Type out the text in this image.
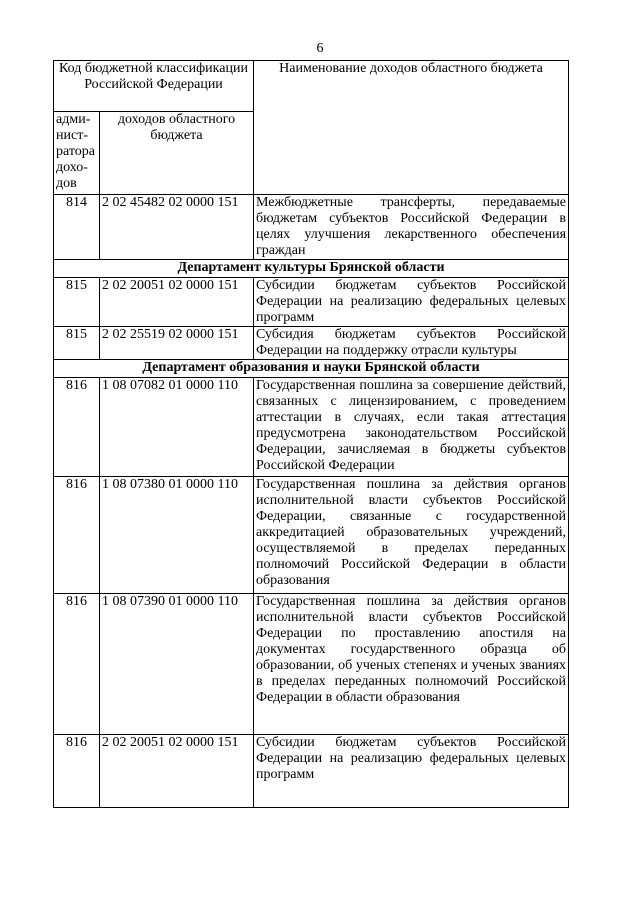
6
Код бюджетной классификации Российской Федерации		Наименование доходов областного бюджета
адми-нист-ратора дохо-дов	доходов областного бюджета	
814	2 02 45482 02 0000 151	Межбюджетные трансферты, передаваемые бюджетам субъектов Российской Федерации в целях улучшения лекарственного обеспечения граждан
Департамент культуры Брянской области		
815	2 02 20051 02 0000 151	Субсидии бюджетам субъектов Российской Федерации на реализацию федеральных целевых программ
815	2 02 25519 02 0000 151	Субсидия бюджетам субъектов Российской Федерации на поддержку отрасли культуры
Департамент образования и науки Брянской области		
816	1 08 07082 01 0000 110	Государственная пошлина за совершение действий, связанных с лицензированием, с проведением аттестации в случаях, если такая аттестация предусмотрена законодательством Российской Федерации, зачисляемая в бюджеты субъектов Российской Федерации
816	1 08 07380 01 0000 110	Государственная пошлина за действия органов исполнительной власти субъектов Российской Федерации, связанные с государственной аккредитацией образовательных учреждений, осуществляемой в пределах переданных полномочий Российской Федерации в области образования
816	1 08 07390 01 0000 110	Государственная пошлина за действия органов исполнительной власти субъектов Российской Федерации по проставлению апостиля на документах государственного образца об образовании, об ученых степенях и ученых званиях в пределах переданных полномочий Российской Федерации в области образования
816	2 02 20051 02 0000 151	Субсидии бюджетам субъектов Российской Федерации на реализацию федеральных целевых программ
